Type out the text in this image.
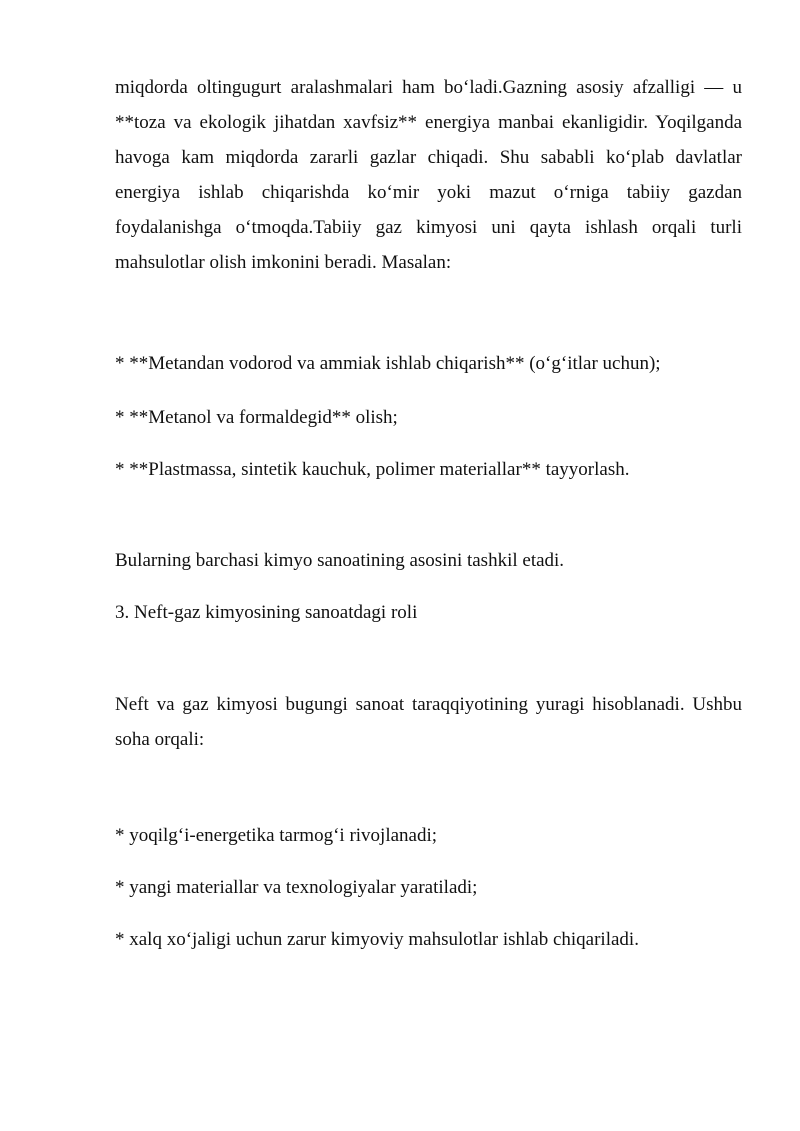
miqdorda oltingugurt aralashmalari ham bo‘ladi.Gazning asosiy afzalligi — u **toza va ekologik jihatdan xavfsiz** energiya manbai ekanligidir. Yoqilganda havoga kam miqdorda zararli gazlar chiqadi. Shu sababli ko‘plab davlatlar energiya ishlab chiqarishda ko‘mir yoki mazut o‘rniga tabiiy gazdan foydalanishga o‘tmoqda.Tabiiy gaz kimyosi uni qayta ishlash orqali turli mahsulotlar olish imkonini beradi. Masalan:

* **Metandan vodorod va ammiak ishlab chiqarish** (o‘g‘itlar uchun);

* **Metanol va formaldegid** olish;

* **Plastmassa, sintetik kauchuk, polimer materiallar** tayyorlash.

Bularning barchasi kimyo sanoatining asosini tashkil etadi.

3. Neft-gaz kimyosining sanoatdagi roli

Neft va gaz kimyosi bugungi sanoat taraqqiyotining yuragi hisoblanadi. Ushbu soha orqali:

* yoqilg‘i-energetika tarmog‘i rivojlanadi;

* yangi materiallar va texnologiyalar yaratiladi;

* xalq xo‘jaligi uchun zarur kimyoviy mahsulotlar ishlab chiqariladi.
